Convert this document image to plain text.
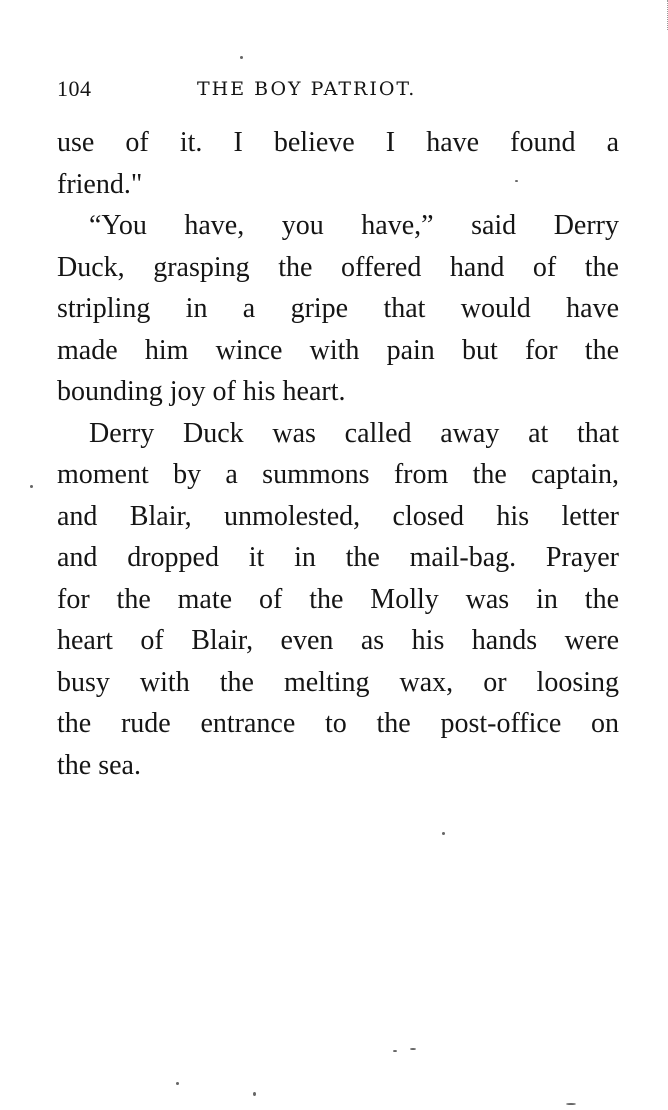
104	THE BOY PATRIOT.
use of it. I believe I have found a
friend."
“You have, you have,” said Derry
Duck, grasping the offered hand of the
stripling in a gripe that would have
made him wince with pain but for the
bounding joy of his heart.
Derry Duck was called away at that
moment by a summons from the captain,
and Blair, unmolested, closed his letter
and dropped it in the mail-bag. Prayer
for the mate of the Molly was in the
heart of Blair, even as his hands were
busy with the melting wax, or loosing
the rude entrance to the post-office on
the sea.
